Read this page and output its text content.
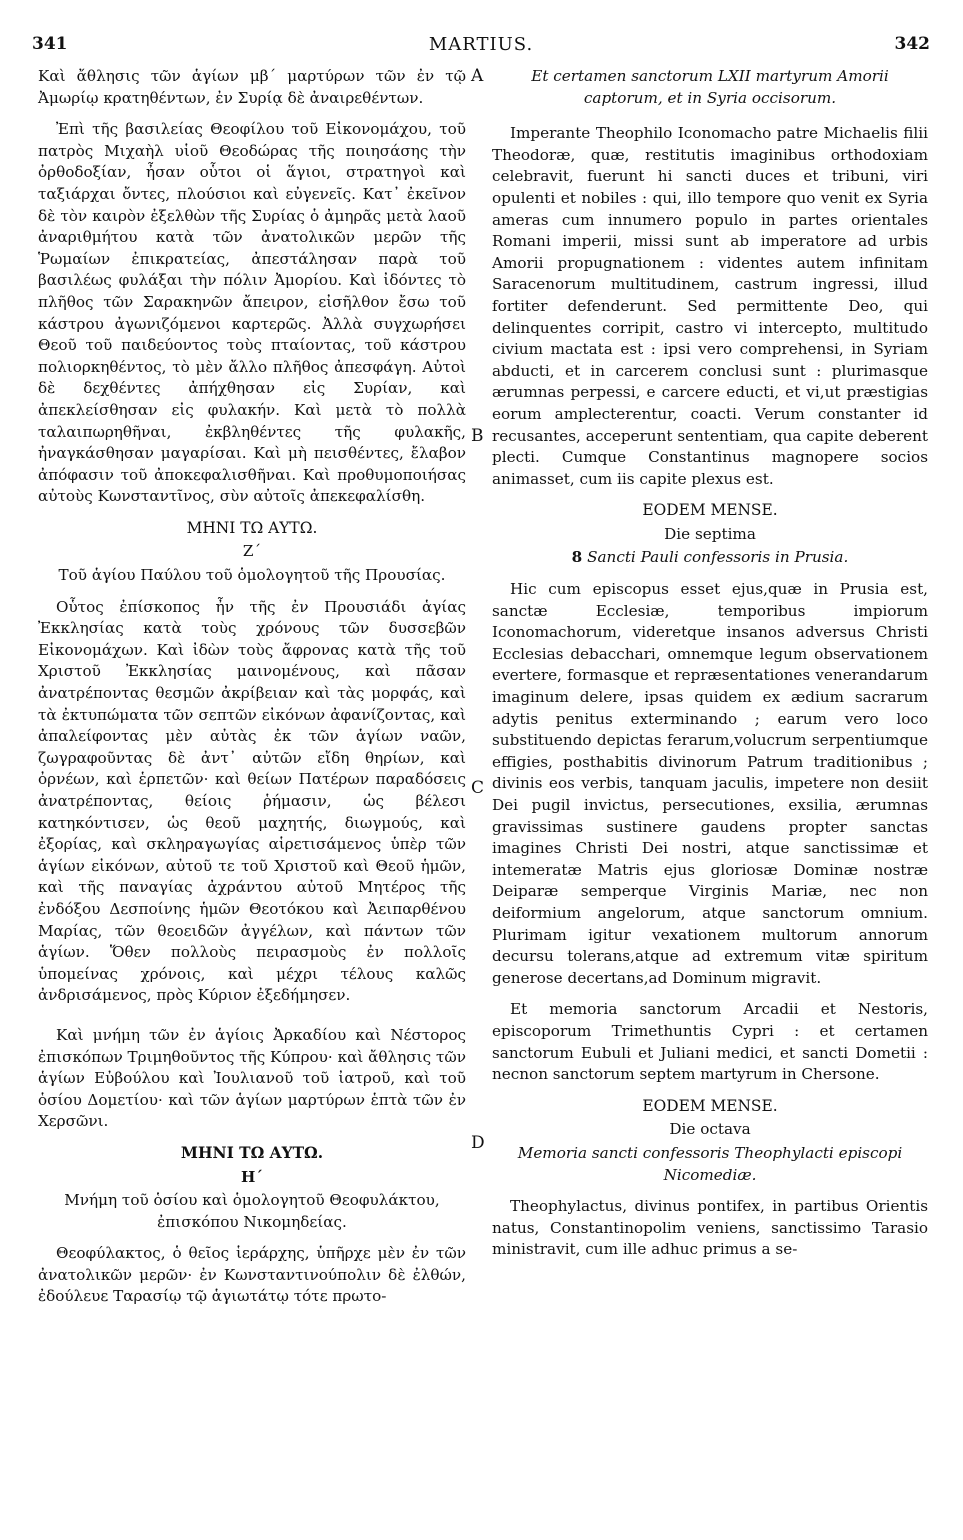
341	MARTIUS.	342
A
B
C
D

Καὶ ἄθλησις τῶν ἁγίων μβ΄ μαρτύρων τῶν ἐν τῷ Ἀμωρίῳ κρατηθέντων, ἐν Συρίᾳ δὲ ἀναιρεθέντων.

Ἐπὶ τῆς βασιλείας Θεοφίλου τοῦ Εἰκονομάχου, τοῦ πατρὸς Μιχαὴλ υἱοῦ Θεοδώρας τῆς ποιησάσης τὴν ὀρθοδοξίαν, ἦσαν οὗτοι οἱ ἅγιοι, στρατηγοὶ καὶ ταξιάρχαι ὄντες, πλούσιοι καὶ εὐγενεῖς. Κατ᾽ ἐκεῖνον δὲ τὸν καιρὸν ἐξελθὼν τῆς Συρίας ὁ ἀμηρᾶς μετὰ λαοῦ ἀναριθμήτου κατὰ τῶν ἀνατολικῶν μερῶν τῆς Ῥωμαίων ἐπικρατείας, ἀπεστάλησαν παρὰ τοῦ βασιλέως φυλάξαι τὴν πόλιν Ἀμορίου. Καὶ ἰδόντες τὸ πλῆθος τῶν Σαρακηνῶν ἄπειρον, εἰσῆλθον ἔσω τοῦ κάστρου ἀγωνιζόμενοι καρτερῶς. Ἀλλὰ συγχωρήσει Θεοῦ τοῦ παιδεύοντος τοὺς πταίοντας, τοῦ κάστρου πολιορκηθέντος, τὸ μὲν ἄλλο πλῆθος ἀπεσφάγη. Αὐτοὶ δὲ δεχθέντες ἀπήχθησαν εἰς Συρίαν, καὶ ἀπεκλείσθησαν εἰς φυλακήν. Καὶ μετὰ τὸ πολλὰ ταλαιπωρηθῆναι, ἐκβληθέντες τῆς φυλακῆς, ἠναγκάσθησαν μαγαρίσαι. Καὶ μὴ πεισθέντες, ἔλαβον ἀπόφασιν τοῦ ἀποκεφαλισθῆναι. Καὶ προθυμοποιήσας αὐτοὺς Κωνσταντῖνος, σὺν αὐτοῖς ἀπεκεφαλίσθη.

ΜΗΝΙ ΤΩ ΑΥΤΩ.
Ζ΄
Τοῦ ἁγίου Παύλου τοῦ ὁμολογητοῦ τῆς Προυσίας.

Οὗτος ἐπίσκοπος ἦν τῆς ἐν Προυσιάδι ἁγίας Ἐκκλησίας κατὰ τοὺς χρόνους τῶν δυσσεβῶν Εἰκονομάχων. Καὶ ἰδὼν τοὺς ἄφρονας κατὰ τῆς τοῦ Χριστοῦ Ἐκκλησίας μαινομένους, καὶ πᾶσαν ἀνατρέποντας θεσμῶν ἀκρίβειαν καὶ τὰς μορφάς, καὶ τὰ ἐκτυπώματα τῶν σεπτῶν εἰκόνων ἀφανίζοντας, καὶ ἀπαλείφοντας μὲν αὐτὰς ἐκ τῶν ἁγίων ναῶν, ζωγραφοῦντας δὲ ἀντ᾽ αὐτῶν εἴδη θηρίων, καὶ ὀρνέων, καὶ ἑρπετῶν· καὶ θείων Πατέρων παραδόσεις ἀνατρέποντας, θείοις ῥήμασιν, ὡς βέλεσι κατηκόντισεν, ὡς θεοῦ μαχητής, διωγμούς, καὶ ἐξορίας, καὶ σκληραγωγίας αἱρετισάμενος ὑπὲρ τῶν ἁγίων εἰκόνων, αὐτοῦ τε τοῦ Χριστοῦ καὶ Θεοῦ ἡμῶν, καὶ τῆς παναγίας ἀχράντου αὐτοῦ Μητέρος τῆς ἐνδόξου Δεσποίνης ἡμῶν Θεοτόκου καὶ Ἀειπαρθένου Μαρίας, τῶν θεοειδῶν ἀγγέλων, καὶ πάντων τῶν ἁγίων. Ὅθεν πολλοὺς πειρασμοὺς ἐν πολλοῖς ὑπομείνας χρόνοις, καὶ μέχρι τέλους καλῶς ἀνδρισάμενος, πρὸς Κύριον ἐξεδήμησεν.

Καὶ μνήμη τῶν ἐν ἁγίοις Ἀρκαδίου καὶ Νέστορος ἐπισκόπων Τριμηθοῦντος τῆς Κύπρου· καὶ ἄθλησις τῶν ἁγίων Εὐβούλου καὶ Ἰουλιανοῦ τοῦ ἰατροῦ, καὶ τοῦ ὁσίου Δομετίου· καὶ τῶν ἁγίων μαρτύρων ἑπτὰ τῶν ἐν Χερσῶνι.

ΜΗΝΙ ΤΩ ΑΥΤΩ.
Η΄
Μνήμη τοῦ ὁσίου καὶ ὁμολογητοῦ Θεοφυλάκτου, ἐπισκόπου Νικομηδείας.

Θεοφύλακτος, ὁ θεῖος ἱεράρχης, ὑπῆρχε μὲν ἐν τῶν ἀνατολικῶν μερῶν· ἐν Κωνσταντινούπολιν δὲ ἐλθών, ἐδούλευε Ταρασίῳ τῷ ἁγιωτάτῳ τότε πρωτο-

Et certamen sanctorum LXII martyrum Amorii captorum, et in Syria occisorum.

Imperante Theophilo Iconomacho patre Michaelis filii Theodoræ, quæ, restitutis imaginibus orthodoxiam celebravit, fuerunt hi sancti duces et tribuni, viri opulenti et nobiles : qui, illo tempore quo venit ex Syria ameras cum innumero populo in partes orientales Romani imperii, missi sunt ab imperatore ad urbis Amorii propugnationem : videntes autem infinitam Saracenorum multitudinem, castrum ingressi, illud fortiter defenderunt. Sed permittente Deo, qui delinquentes corripit, castro vi intercepto, multitudo civium mactata est : ipsi vero comprehensi, in Syriam abducti, et in carcerem conclusi sunt : plurimasque ærumnas perpessi, e carcere educti, et vi,ut præstigias eorum amplecterentur, coacti. Verum constanter id recusantes, acceperunt sententiam, qua capite deberent plecti. Cumque Constantinus magnopere socios animasset, cum iis capite plexus est.

EODEM MENSE.
Die septima
8 Sancti Pauli confessoris in Prusia.

Hic cum episcopus esset ejus,quæ in Prusia est, sanctæ Ecclesiæ, temporibus impiorum Iconomachorum, videretque insanos adversus Christi Ecclesias debacchari, omnemque legum observationem evertere, formasque et repræsentationes venerandarum imaginum delere, ipsas quidem ex ædium sacrarum adytis penitus exterminando ; earum vero loco substituendo depictas ferarum,volucrum serpentiumque effigies, posthabitis divinorum Patrum traditionibus ; divinis eos verbis, tanquam jaculis, impetere non desiit Dei pugil invictus, persecutiones, exsilia, ærumnas gravissimas sustinere gaudens propter sanctas imagines Christi Dei nostri, atque sanctissimæ et intemeratæ Matris ejus gloriosæ Dominæ nostræ Deiparæ semperque Virginis Mariæ, nec non deiformium angelorum, atque sanctorum omnium. Plurimam igitur vexationem multorum annorum decursu tolerans,atque ad extremum vitæ spiritum generose decertans,ad Dominum migravit.

Et memoria sanctorum Arcadii et Nestoris, episcoporum Trimethuntis Cypri : et certamen sanctorum Eubuli et Juliani medici, et sancti Dometii : necnon sanctorum septem martyrum in Chersone.

EODEM MENSE.
Die octava
Memoria sancti confessoris Theophylacti episcopi Nicomediæ.

Theophylactus, divinus pontifex, in partibus Orientis natus, Constantinopolim veniens, sanctissimo Tarasio ministravit, cum ille adhuc primus a se-
